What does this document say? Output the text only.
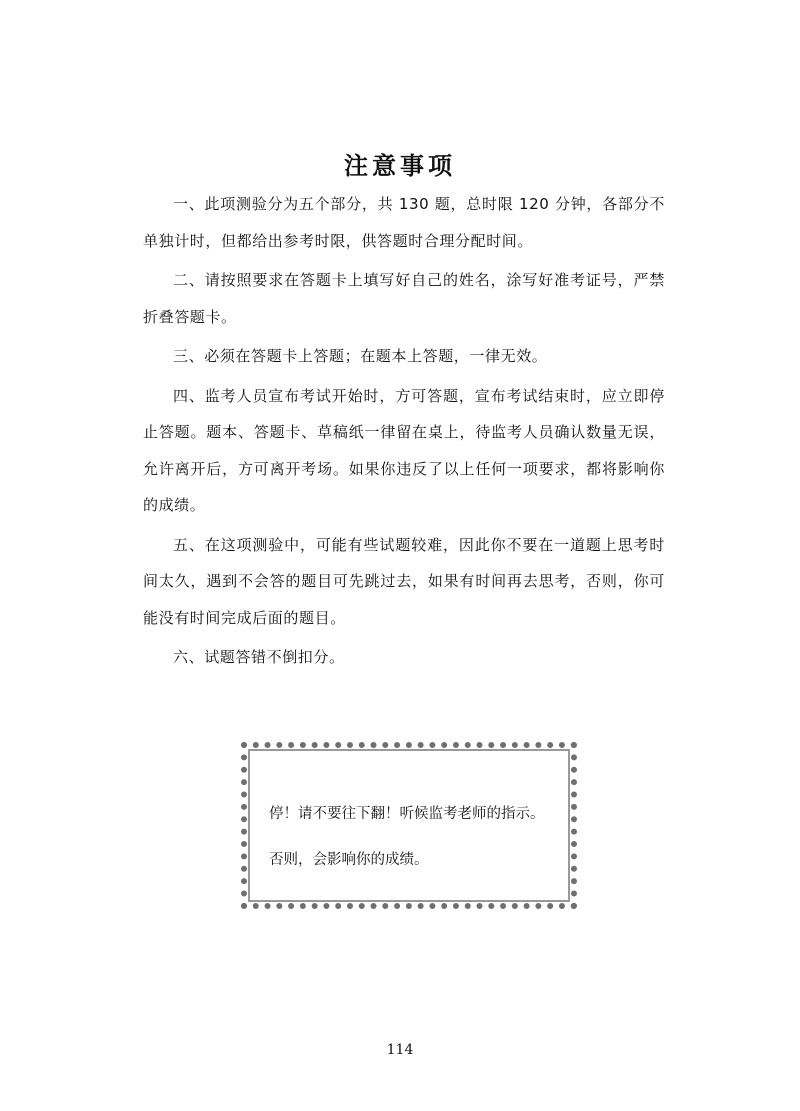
注意事项

一、此项测验分为五个部分，共 130 题，总时限 120 分钟，各部分不单独计时，但都给出参考时限，供答题时合理分配时间。

二、请按照要求在答题卡上填写好自己的姓名，涂写好准考证号，严禁折叠答题卡。

三、必须在答题卡上答题；在题本上答题，一律无效。

四、监考人员宣布考试开始时，方可答题，宣布考试结束时，应立即停止答题。题本、答题卡、草稿纸一律留在桌上，待监考人员确认数量无误，允许离开后，方可离开考场。如果你违反了以上任何一项要求，都将影响你的成绩。

五、在这项测验中，可能有些试题较难，因此你不要在一道题上思考时间太久，遇到不会答的题目可先跳过去，如果有时间再去思考，否则，你可能没有时间完成后面的题目。

六、试题答错不倒扣分。

停！请不要往下翻！听候监考老师的指示。

否则，会影响你的成绩。

114
